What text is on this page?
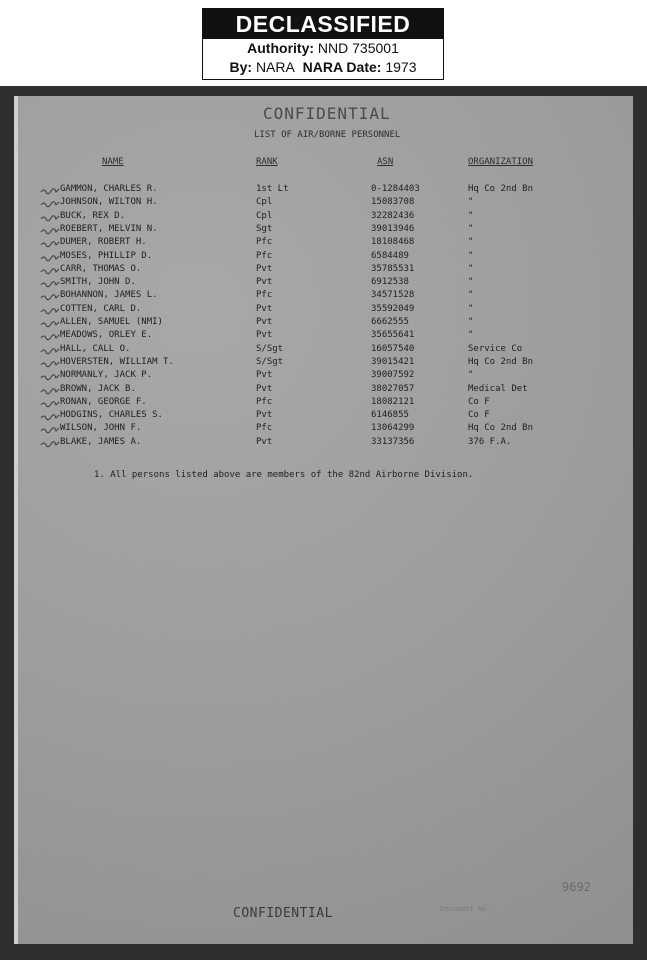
DECLASSIFIED
Authority: NND 735001
By: NARA NARA Date: 1973
CONFIDENTIAL
LIST OF AIR/BORNE PERSONNEL
NAME	RANK	ASN	ORGANIZATION
GAMMON, CHARLES R.	1st Lt	0-1284403	Hq Co 2nd Bn
JOHNSON, WILTON H.	Cpl	15083708	"
BUCK, REX D.	Cpl	32282436	"
ROEBERT, MELVIN N.	Sgt	39013946	"
DUMER, ROBERT H.	Pfc	18108468	"
MOSES, PHILLIP D.	Pfc	6584489	"
CARR, THOMAS O.	Pvt	35785531	"
SMITH, JOHN D.	Pvt	6912538	"
BOHANNON, JAMES L.	Pfc	34571528	"
COTTEN, CARL D.	Pvt	35592049	"
ALLEN, SAMUEL (NMI)	Pvt	6662555	"
MEADOWS, ORLEY E.	Pvt	35655641	"
HALL, CALL O.	S/Sgt	16057540	Service Co
HOVERSTEN, WILLIAM T.	S/Sgt	39015421	Hq Co 2nd Bn
NORMANLY, JACK P.	Pvt	39007592	"
BROWN, JACK B.	Pvt	38027057	Medical Det
RONAN, GEORGE F.	Pfc	18082121	Co F
HODGINS, CHARLES S.	Pvt	6146855	Co F
WILSON, JOHN F.	Pfc	13064299	Hq Co 2nd Bn
BLAKE, JAMES A.	Pvt	33137356	376 F.A.
1. All persons listed above are members of the 82nd Airborne Division.
9692
CONFIDENTIAL	Document No.
